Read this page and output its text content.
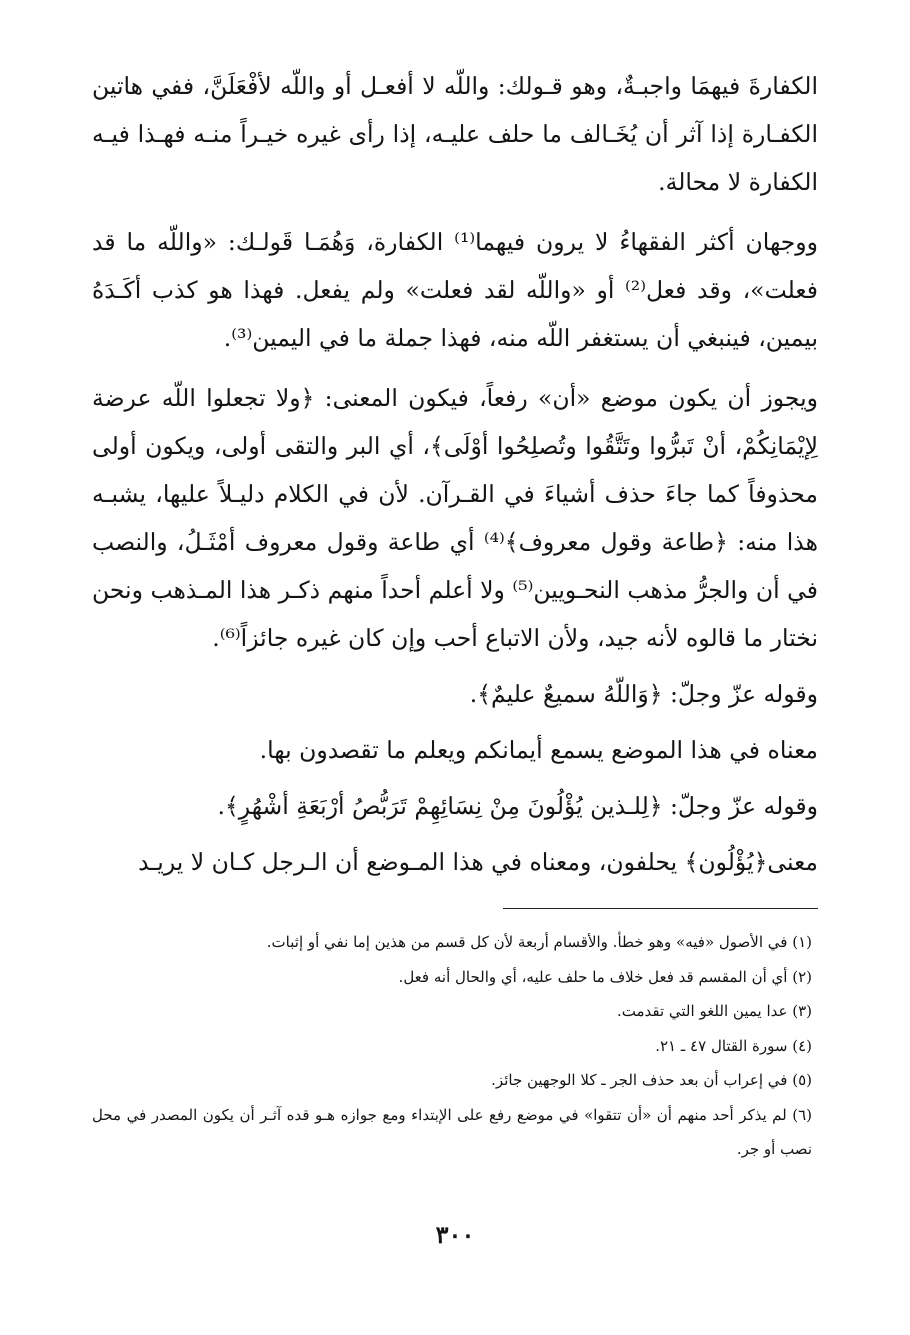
الكفارةَ فيهمَا واجبـةٌ، وهو قـولك: واللّه لا أفعـل أو واللّه لأفْعَلَنَّ، ففي هاتين الكفـارة إذا آثر أن يُخَـالف ما حلف عليـه، إذا رأى غيره خيـراً منـه فهـذا فيـه الكفارة لا محالة.

ووجهان أكثر الفقهاءُ لا يرون فيهما⁽¹⁾ الكفارة، وَهُمَـا قَولـك: «واللّه ما قد فعلت»، وقد فعل⁽²⁾ أو «واللّه لقد فعلت» ولم يفعل. فهذا هو كذب أكَـدَهُ بيمين، فينبغي أن يستغفر اللّه منه، فهذا جملة ما في اليمين⁽³⁾.

ويجوز أن يكون موضع «أن» رفعاً، فيكون المعنى: ﴿ولا تجعلوا اللّه عرضة لِإيْمَانِكُمْ، أنْ تَبرُّوا وتَتَّقُوا وتُصلِحُوا أوْلَى﴾، أي البر والتقى أولى، ويكون أولى محذوفاً كما جاءَ حذف أشياءَ في القـرآن. لأن في الكلام دليـلاً عليها، يشبـه هذا منه: ﴿طاعة وقول معروف﴾⁽⁴⁾ أي طاعة وقول معروف أمْثَـلُ، والنصب في أن والجرُّ مذهب النحـويين⁽⁵⁾ ولا أعلم أحداً منهم ذكـر هذا المـذهب ونحن نختار ما قالوه لأنه جيد، ولأن الاتباع أحب وإن كان غيره جائزاً⁽⁶⁾.

وقوله عزّ وجلّ: ﴿وَاللّهُ سميعٌ عليمٌ﴾.

معناه في هذا الموضع يسمع أيمانكم ويعلم ما تقصدون بها.

وقوله عزّ وجلّ: ﴿لِلـذين يُؤْلُونَ مِنْ نِسَائِهِمْ تَرَبُّصُ أرْبَعَةِ أشْهُرٍ﴾.

معنى﴿يُؤْلُون﴾ يحلفون، ومعناه في هذا المـوضع أن الـرجل كـان لا يريـد

(١) في الأصول «فيه» وهو خطأ. والأقسام أربعة لأن كل قسم من هذين إما نفي أو إثبات.

(٢) أي أن المقسم قد فعل خلاف ما حلف عليه، أي والحال أنه فعل.

(٣) عدا يمين اللغو التي تقدمت.

(٤) سورة القتال ٤٧ ـ ٢١.

(٥) في إعراب أن بعد حذف الجر ـ كلا الوجهين جائز.

(٦) لم يذكر أحد منهم أن «أن تتقوا» في موضع رفع على الإبتداء ومع جوازه هـو قده آثـر أن يكون المصدر في محل نصب أو جر.

٣٠٠
